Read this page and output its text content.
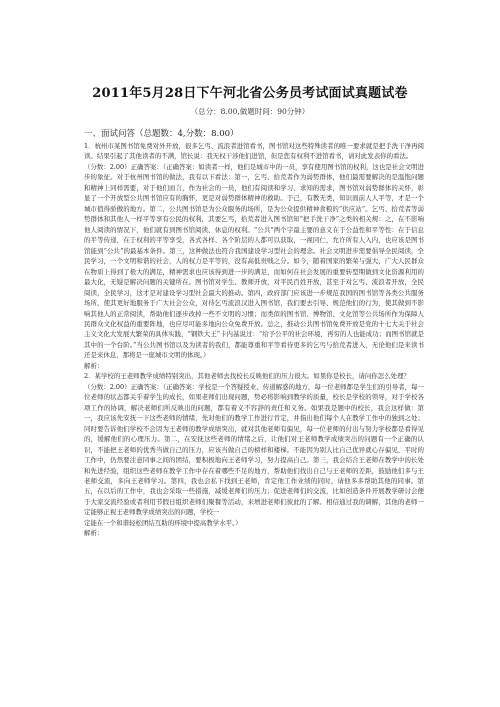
2011年5月28日下午河北省公务员考试面试真题试卷
（总分：8.00,做题时间：90分钟）
一、面试问答（总题数：4,分数：8.00）

1．杭州市某图书馆免费对外开放，很多乞丐、流浪者进馆看书，图书馆对这些特殊读者的唯一要求就是把手洗干净再阅读。结果引起了其他读者的不满，馆长说：我无权干涉他们进馆，但是您有权利不进馆看书，请对此发表你的看法。

（分数：2.00）正确答案：（正确答案：如读者一样，他们是城市中的一员，享有使用图书馆的权利，这也是社会文明进步的象征。对于杭州图书馆的做法，我有以下看法：第一，乞丐、拾荒者作为弱势群体，他们最需要解决的是温饱问题和精神上同样需要，对于他们而言，作为社会的一员，他们有阅读和学习、求知的需求，图书馆对弱势群体的关怀，彰显了一个开放型公共图书馆应有的胸怀，更是对弱势群体精神的救助。于己，有教无类，知识面前人人平等，才是一个城市值得骄傲的地方。第二，公共图书馆是为公众服务的场所，是为公众提供精神食粮的“供应站”。乞丐、拾荒者等弱势群体和其他人一样平等享有公民的权利，其要乞丐，拾荒者进入图书馆知“把手洗干净”之类的相关规：之，在不影响他人阅读的情况下，他们就有到图书馆阅读、休息的权利。“公共”两个字最主要的意义在于公益性和平等性：在于信息的平等传递，在于权利的平等享受，各式各样、各个阶层的人都可以获取，一视同仁，允许所有人入内，也应该是图书馆能到“公共”的最基本条件。第三，这种做法也符合我国建设学习型社会的理念。社会文明进步需要倡导全民阅读，全民学习，一个文明和谐的社会，人的权力是平等的，没有高低贵贱之分。如今，随着国家的繁荣与强大，广大人民群众在物质上得到了极大的满足，精神需求也应该得到进一步的满足，而如何在社会发展的重要转型期做到文化资源利用的最大化，无疑是解决问题的关键所在。图书馆对学生、教师开放，对平民百姓开放，甚至于对乞丐、流浪者开放，全民阅读，全民学习，这才是对建设学习型社会最大的推动。第四，政府部门应该进一步规范我国的图书馆等各类公共服务场所，使其更好地服务于广大社会公众，对待乞丐流浪汉进入图书馆，我们要去引导、规范他们的行为，使其做到不影响其他人的正常阅读，帮助他们逐步改掉一些不文明的习惯；而类似的图书馆、博物馆、文化馆等公共场所作为保障人民群众文化权益的重要阵地，也应尽可能多地向公众免费开放。总之，推动公共图书馆免费开放是党的十七大关于社会主义文化大发展大繁荣的具体实践，“钢铁大王”卡内基说过：“给予公平的社会环境，再穷的人也能成功；而图书馆就是其中的一个台阶。”当公共图书馆以及为读者的我们，都能尊重和平等看待更多的乞丐与拾荒者进入，无论他们是来读书还是来休息，那将是一座城市文明的体现。）

解析：

2．某学校的王老师教学成绩特别突出，其他老师去找校长反映他们的压力很大。如果你是校长，请问你怎么处理？

（分数：2.00）正确答案：（正确答案：学校是一个答疑授业、传道解惑的地方，每一位老师都是学生们的引导者，每一位老师的状态都关乎着学生的成长，如果老师们出现问题，势必将影响到教学的质量，校长是学校的领导，对于学校各项工作的协调，解决老师们所反映出的问题，都有着义不容辞的责任和义务。如果我是题中的校长，我会这样做：第一，我应该先安抚一下这些老师的情绪，先对他们的教学工作进行肯定，并指出他们每个人在教学工作中的独到之处；同时要告诉他们学校不会因为王老师的教学成绩突出，就对其他老师有偏见，每一位老师的付出与努力学校都是看得见的，缓解他们的心理压力。第二，在安抚这些老师的情绪之后，让他们对王老师教学成绩突出的问题有一个正确的认识，不能把王老师的优秀当做自己的压力，应该当做自己的榜样和楼梯。不能因为别人比自己优异就心存偏见，平时的工作中，仍然要注意同事之间的团结，要积极地向王老师学习，努力提高自己。第三，我会结合王老师在教学中的长处和先进经验，组织这些老师在教学工作中存在着哪些不足的地方，帮助他们找出自己与王老师的差距，鼓励他们多与王老师交流，多向王老师学习。第四，我也会私下找到王老师，肯定他工作业绩的同时，请他多多帮助其他的同事。第五，在以后的工作中，我也会采取一些措施，减缓老师们的压力；促进老师们的交流，比如创造条件开展教学研讨会便于大家交流经验或者利用节假日组织老师们聚餐等活动，来增进老师们彼此的了解。相信通过我的调解，其他的老师一定能够正视王老师教学成绩突出的问题，学校一

定能在一个和谐轻松团结互助的环境中提高教学水平。）

解析：
